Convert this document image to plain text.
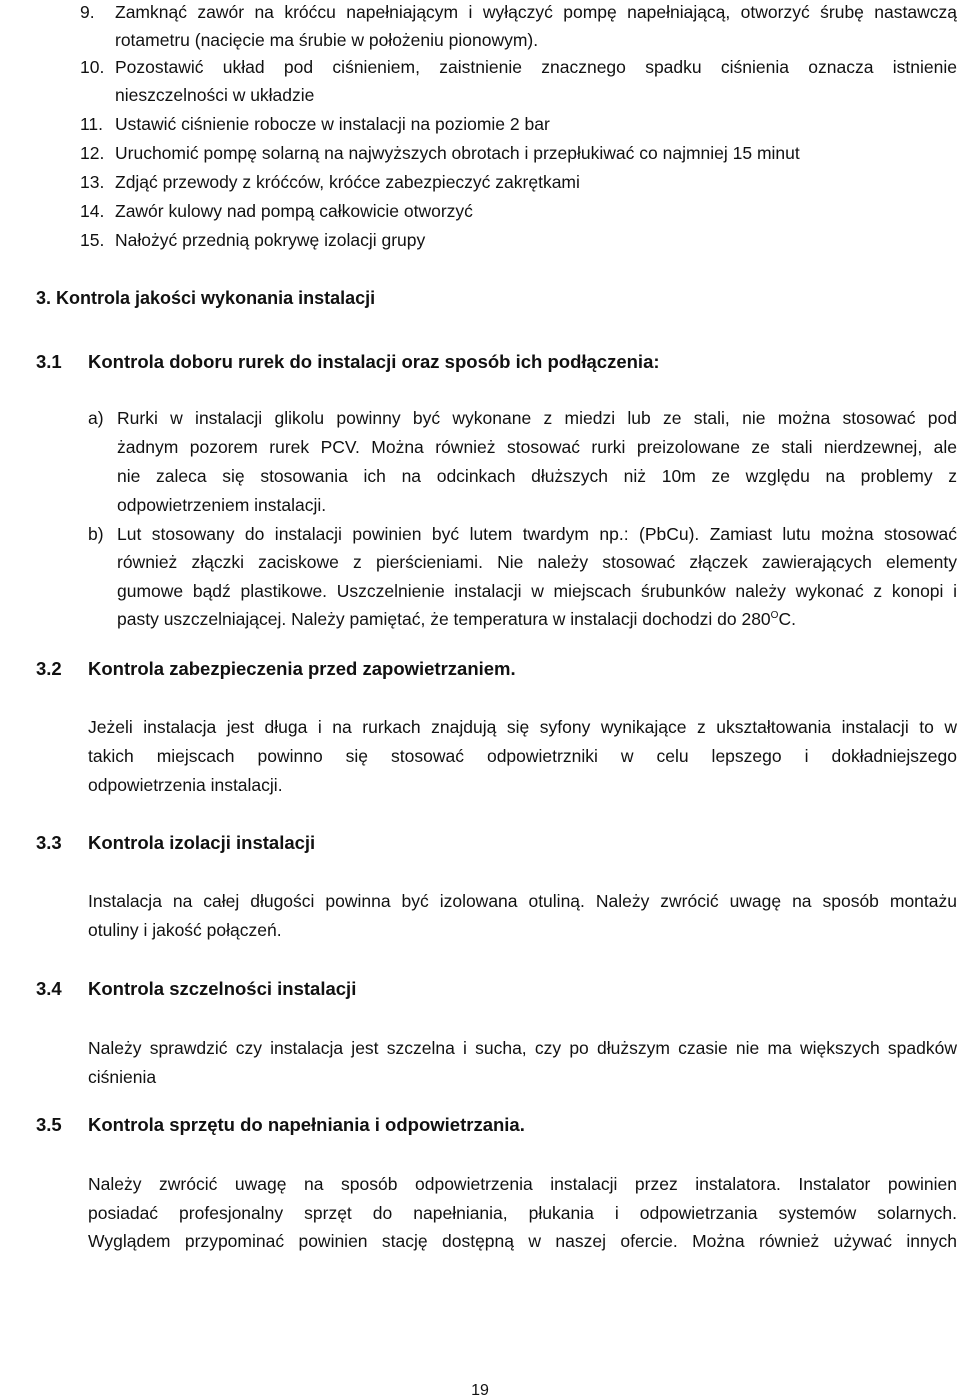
9. Zamknąć zawór na króćcu napełniającym i wyłączyć pompę napełniającą, otworzyć śrubę nastawczą
rotametru (nacięcie ma śrubie w położeniu pionowym).
10. Pozostawić układ pod ciśnieniem, zaistnienie znacznego spadku ciśnienia oznacza istnienie
nieszczelności w układzie
11. Ustawić ciśnienie robocze w instalacji na poziomie 2 bar
12. Uruchomić pompę solarną na najwyższych obrotach i przepłukiwać co najmniej 15 minut
13. Zdjąć przewody z króćców, króćce zabezpieczyć zakrętkami
14. Zawór kulowy nad pompą całkowicie otworzyć
15. Nałożyć przednią pokrywę izolacji grupy
3. Kontrola jakości wykonania instalacji
3.1 Kontrola doboru rurek do instalacji oraz sposób ich podłączenia:
a) Rurki w instalacji glikolu powinny być wykonane z miedzi lub ze stali, nie można stosować pod
żadnym pozorem rurek PCV. Można również stosować rurki preizolowane ze stali nierdzewnej, ale
nie zaleca się stosowania ich na odcinkach dłuższych niż 10m ze względu na problemy z
odpowietrzeniem instalacji.
b) Lut stosowany do instalacji powinien być lutem twardym np.: (PbCu). Zamiast lutu można stosować
również złączki zaciskowe z pierścieniami. Nie należy stosować złączek zawierających elementy
gumowe bądź plastikowe. Uszczelnienie instalacji w miejscach śrubunków należy wykonać z konopi i
pasty uszczelniającej. Należy pamiętać, że temperatura w instalacji dochodzi do $280^OC$.
3.2 Kontrola zabezpieczenia przed zapowietrzaniem.
Jeżeli instalacja jest długa i na rurkach znajdują się syfony wynikające z ukształtowania instalacji to w
takich miejscach powinno się stosować odpowietrzniki w celu lepszego i dokładniejszego
odpowietrzenia instalacji.
3.3 Kontrola izolacji instalacji
Instalacja na całej długości powinna być izolowana otuliną. Należy zwrócić uwagę na sposób montażu
otuliny i jakość połączeń.
3.4 Kontrola szczelności instalacji
Należy sprawdzić czy instalacja jest szczelna i sucha, czy po dłuższym czasie nie ma większych spadków
ciśnienia
3.5 Kontrola sprzętu do napełniania i odpowietrzania.
Należy zwrócić uwagę na sposób odpowietrzenia instalacji przez instalatora. Instalator powinien
posiadać profesjonalny sprzęt do napełniania, płukania i odpowietrzania systemów solarnych.
Wyglądem przypominać powinien stację dostępną w naszej ofercie. Można również używać innych
19
